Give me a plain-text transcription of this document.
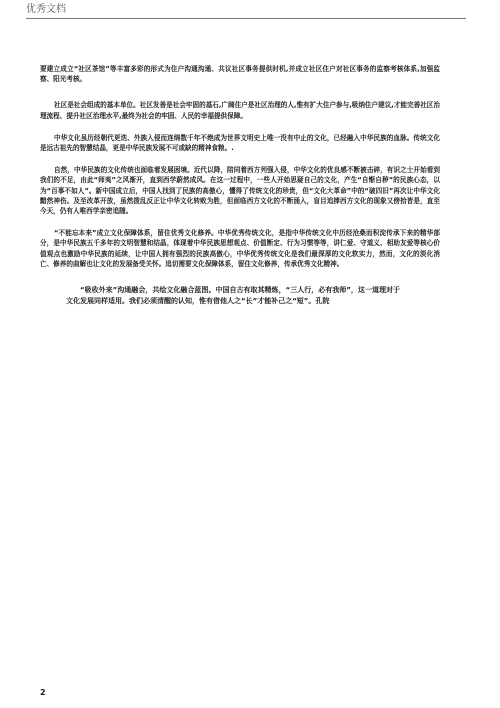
优秀文档

要建立成立“社区茶馆”等丰富多彩的形式为住户沟通沟通、共议社区事务提供时机,并成立社区住户对社区事务的监察考核体系,加强监察、阳光考核。

社区是社会组成的基本单位。社区发善是社会牢固的基石,广阔住户是社区治理的人,惟有扩大住户参与,吸纳住户建议,才能完善社区治理流程、提升社区治理水平,最终为社会的牢固、人民的幸福提供保障。

中华文化虽历经朝代更迭、外族入侵而连绵数千年不绝成为世界文明史上唯一没有中止的文化，已经融入中华民族的血脉。传统文化是远古祖先的智慧结晶，更是中华民族发展不可或缺的精神食粮。.

自然，中华民族的文化传统也面临着发展困境。近代以降，陪同着西方列强入侵，中华文化的优良感不断被击碎，有识之士开始看到我们的不足，由此“师夷”之风渐开，直到西学蔚然成风。在这一过程中，一些人开始思疑自己的文化，产生“自惭自秽”的民族心态，以为“百事不如人”。新中国成立后，中国人找到了民族的高傲心，懂得了传统文化的珍贵，但“文化大革命”中的“破四旧”再次让中华文化黯然神伤。及至改革开放，虽然拨乱反正让中华文化转败为胜，但面临西方文化的不断涌入，盲目追捧西方文化的现象又傍拾皆是，直至今天，仍有人唯西学亲密追随。

“不能忘本来”成立文化保障体系，留住优秀文化修养。中华优秀传统文化，是指中华传统文化中历经沧桑而积淀传承下来的精华部分，是中华民族五千多年的文明智慧和结晶，体现着中华民族思想观点、价值断定、行为习惯等等，讲仁爱、守道义、相助友爱等核心价值观点也激励中华民族的延续，让中国人拥有强烈的民族高傲心，中华优秀传统文化是我们最深厚的文化软实力，然而，文化的淡化消亡、修养的曲解也让文化的发展备受关怀。追切需要文化保障体系，留住文化修养，传承优秀文化精神。

“吸收外来”沟通融会，共绘文化融合蓝图。中国自古有取其精炼，“三人行，必有我师”，这一道理对于文化发展同样适用。我们必须清醒的认知，惟有借他人之“长”才能补己之“短”。孔院

2
